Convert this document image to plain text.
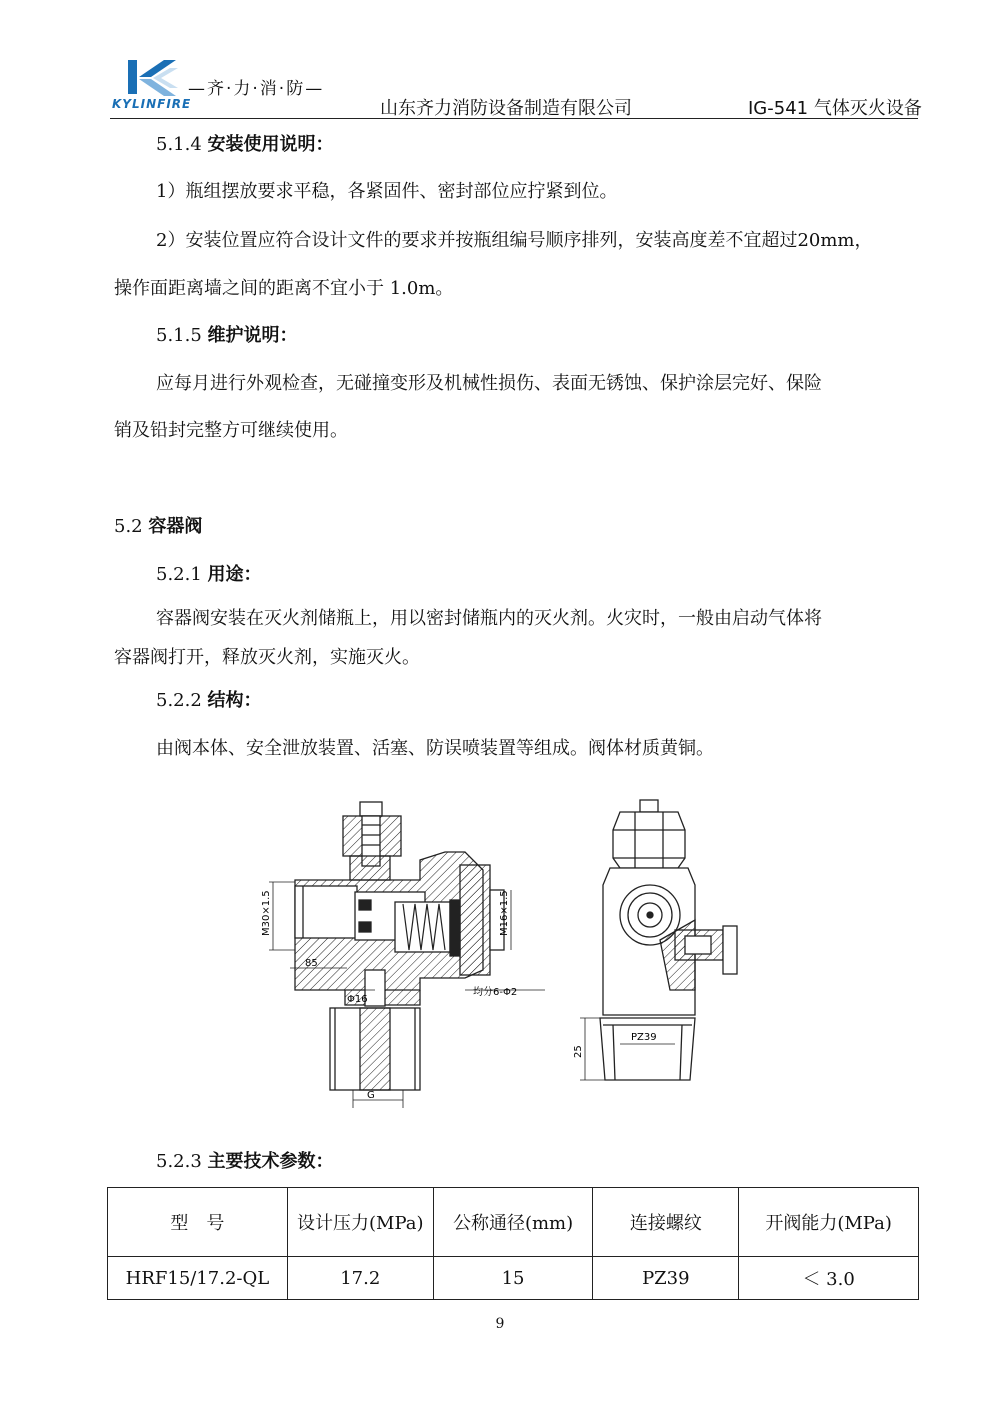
—齐·力·消·防—
KYLINFIRE	山东齐力消防设备制造有限公司	IG-541 气体灭火设备
5.1.4 安装使用说明：
1）瓶组摆放要求平稳，各紧固件、密封部位应拧紧到位。
2）安装位置应符合设计文件的要求并按瓶组编号顺序排列，安装高度差不宜超过20mm，
操作面距离墙之间的距离不宜小于 1.0m。
5.1.5 维护说明：
应每月进行外观检查，无碰撞变形及机械性损伤、表面无锈蚀、保护涂层完好、保险
销及铅封完整方可继续使用。
5.2 容器阀
5.2.1 用途：
容器阀安装在灭火剂储瓶上，用以密封储瓶内的灭火剂。火灾时，一般由启动气体将
容器阀打开，释放灭火剂，实施灭火。
5.2.2 结构：
由阀本体、安全泄放装置、活塞、防误喷装置等组成。阀体材质黄铜。
M30×1.5
85
Φ16
G
M16×1.5
均分6-Φ2
PZ39
25
5.2.3 主要技术参数：
型　号	设计压力(MPa)	公称通径(mm)	连接螺纹	开阀能力(MPa)
HRF15/17.2-QL	17.2	15	PZ39	＜ 3.0
9
